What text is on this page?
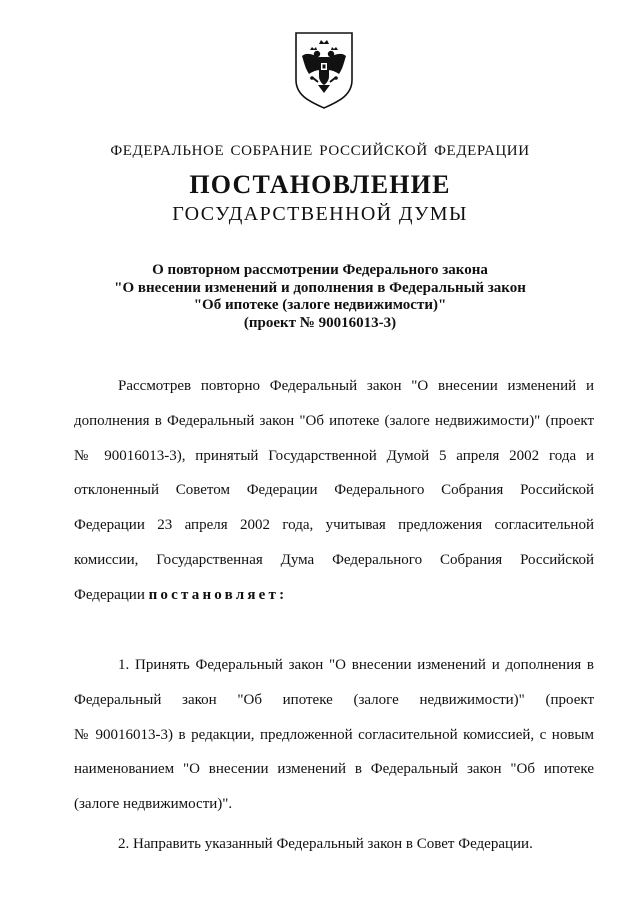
ФЕДЕРАЛЬНОЕ СОБРАНИЕ РОССИЙСКОЙ ФЕДЕРАЦИИ
ПОСТАНОВЛЕНИЕ
ГОСУДАРСТВЕННОЙ ДУМЫ
О повторном рассмотрении Федерального закона
"О внесении изменений и дополнения в Федеральный закон
"Об ипотеке (залоге недвижимости)"
(проект № 90016013-3)
Рассмотрев повторно Федеральный закон "О внесении изменений и
дополнения в Федеральный закон "Об ипотеке (залоге недвижимости)" (проект
№ 90016013-3), принятый Государственной Думой 5 апреля 2002 года и
отклоненный Советом Федерации Федерального Собрания Российской
Федерации 23 апреля 2002 года, учитывая предложения согласительной
комиссии, Государственная Дума Федерального Собрания Российской
Федерации постановляет:
1. Принять Федеральный закон "О внесении изменений и дополнения в
Федеральный закон "Об ипотеке (залоге недвижимости)" (проект
№ 90016013-3) в редакции, предложенной согласительной комиссией, с новым
наименованием "О внесении изменений в Федеральный закон "Об ипотеке
(залоге недвижимости)".
2. Направить указанный Федеральный закон в Совет Федерации.
